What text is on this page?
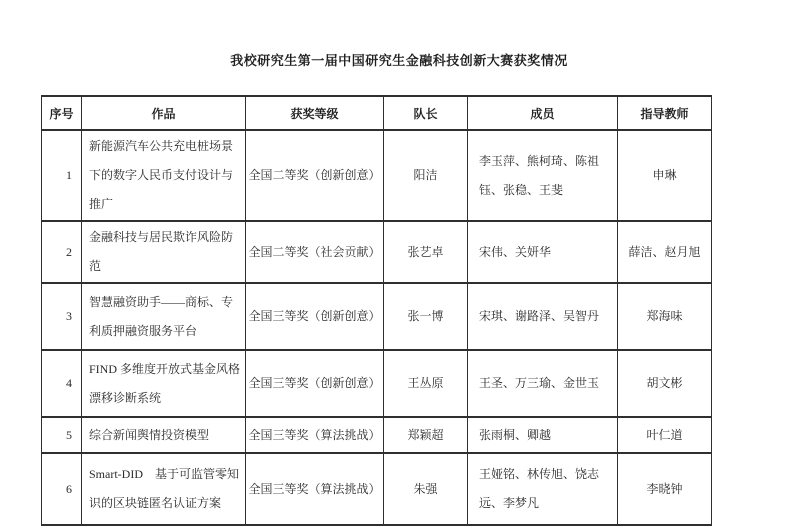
我校研究生第一届中国研究生金融科技创新大赛获奖情况
序号	作品	获奖等级	队长	成员	指导教师
1	新能源汽车公共充电桩场景下的数字人民币支付设计与推广	全国二等奖（创新创意）	阳洁	李玉萍、熊柯琦、陈祖钰、张稳、王斐	申琳
2	金融科技与居民欺诈风险防范	全国二等奖（社会贡献）	张艺卓	宋伟、关妍华	薛洁、赵月旭
3	智慧融资助手——商标、专利质押融资服务平台	全国三等奖（创新创意）	张一博	宋琪、谢路泽、吴智丹	郑海味
4	FIND 多维度开放式基金风格漂移诊断系统	全国三等奖（创新创意）	王丛原	王圣、万三瑜、金世玉	胡文彬
5	综合新闻舆情投资模型	全国三等奖（算法挑战）	郑颖超	张雨桐、卿越	叶仁道
6	Smart-DID　基于可监管零知识的区块链匿名认证方案	全国三等奖（算法挑战）	朱强	王娅铭、林传旭、饶志远、李梦凡	李晓钟
